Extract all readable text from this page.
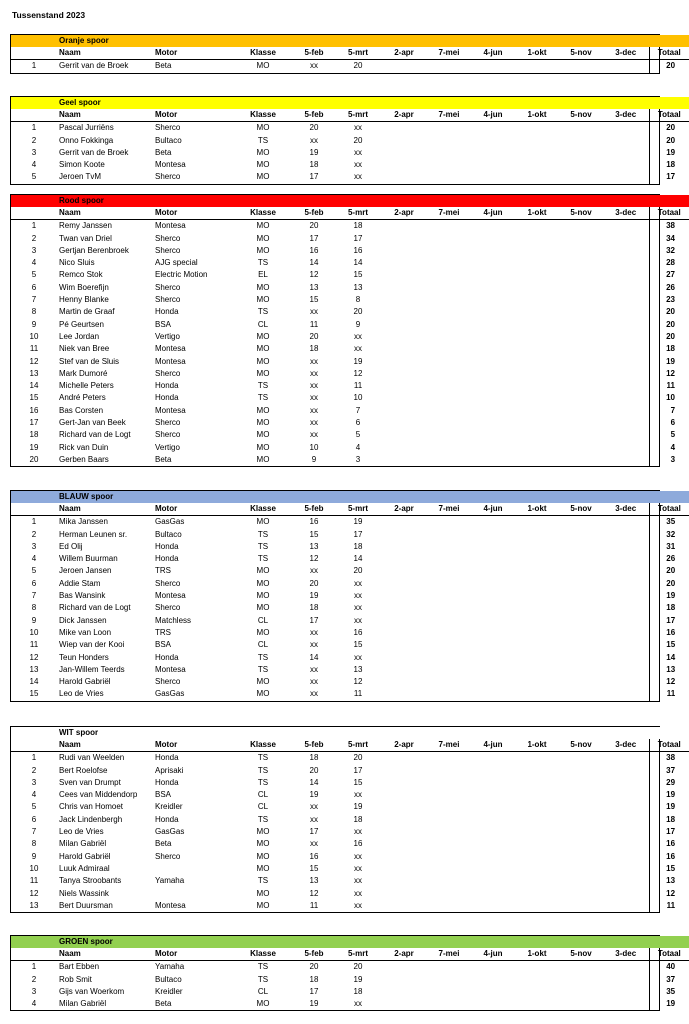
Tussenstand 2023
	Oranje spoor											
	Naam	Motor	Klasse	5-feb	5-mrt	2-apr	7-mei	4-jun	1-okt	5-nov	3-dec	Totaal
1	Gerrit van de Broek	Beta	MO	xx	20							20
	Geel spoor											
	Naam	Motor	Klasse	5-feb	5-mrt	2-apr	7-mei	4-jun	1-okt	5-nov	3-dec	Totaal
1	Pascal Jurriëns	Sherco	MO	20	xx							20
2	Onno Fokkinga	Bultaco	TS	xx	20							20
3	Gerrit van de Broek	Beta	MO	19	xx							19
4	Simon Koote	Montesa	MO	18	xx							18
5	Jeroen TvM	Sherco	MO	17	xx							17
	Rood spoor											
	Naam	Motor	Klasse	5-feb	5-mrt	2-apr	7-mei	4-jun	1-okt	5-nov	3-dec	Totaal
1	Remy Janssen	Montesa	MO	20	18							38
2	Twan van Driel	Sherco	MO	17	17							34
3	Gertjan Berenbroek	Sherco	MO	16	16							32
4	Nico Sluis	AJG special	TS	14	14							28
5	Remco Stok	Electric Motion	EL	12	15							27
6	Wim Boerefijn	Sherco	MO	13	13							26
7	Henny Blanke	Sherco	MO	15	8							23
8	Martin de Graaf	Honda	TS	xx	20							20
9	Pé Geurtsen	BSA	CL	11	9							20
10	Lee Jordan	Vertigo	MO	20	xx							20
11	Niek van Bree	Montesa	MO	18	xx							18
12	Stef van de Sluis	Montesa	MO	xx	19							19
13	Mark Dumoré	Sherco	MO	xx	12							12
14	Michelle Peters	Honda	TS	xx	11							11
15	André Peters	Honda	TS	xx	10							10
16	Bas Corsten	Montesa	MO	xx	7							7
17	Gert-Jan van Beek	Sherco	MO	xx	6							6
18	Richard van de Logt	Sherco	MO	xx	5							5
19	Rick van Duin	Vertigo	MO	10	4							4
20	Gerben Baars	Beta	MO	9	3							3
	BLAUW spoor											
	Naam	Motor	Klasse	5-feb	5-mrt	2-apr	7-mei	4-jun	1-okt	5-nov	3-dec	Totaal
1	Mika Janssen	GasGas	MO	16	19							35
2	Herman Leunen sr.	Bultaco	TS	15	17							32
3	Ed Olij	Honda	TS	13	18							31
4	Willem Buurman	Honda	TS	12	14							26
5	Jeroen Jansen	TRS	MO	xx	20							20
6	Addie Stam	Sherco	MO	20	xx							20
7	Bas Wansink	Montesa	MO	19	xx							19
8	Richard van de Logt	Sherco	MO	18	xx							18
9	Dick Janssen	Matchless	CL	17	xx							17
10	Mike van Loon	TRS	MO	xx	16							16
11	Wiep van der Kooi	BSA	CL	xx	15							15
12	Teun Honders	Honda	TS	14	xx							14
13	Jan-Willem Teerds	Montesa	TS	xx	13							13
14	Harold Gabriël	Sherco	MO	xx	12							12
15	Leo de Vries	GasGas	MO	xx	11							11
	WIT spoor											
	Naam	Motor	Klasse	5-feb	5-mrt	2-apr	7-mei	4-jun	1-okt	5-nov	3-dec	Totaal
1	Rudi van Weelden	Honda	TS	18	20							38
2	Bert Roelofse	Aprisaki	TS	20	17							37
3	Sven van Drumpt	Honda	TS	14	15							29
4	Cees van Middendorp	BSA	CL	19	xx							19
5	Chris van Homoet	Kreidler	CL	xx	19							19
6	Jack Lindenbergh	Honda	TS	xx	18							18
7	Leo de Vries	GasGas	MO	17	xx							17
8	Milan Gabriël	Beta	MO	xx	16							16
9	Harold Gabriël	Sherco	MO	16	xx							16
10	Luuk Admiraal		MO	15	xx							15
11	Tanya Stroobants	Yamaha	TS	13	xx							13
12	Niels Wassink		MO	12	xx							12
13	Bert Duursman	Montesa	MO	11	xx							11
	GROEN spoor											
	Naam	Motor	Klasse	5-feb	5-mrt	2-apr	7-mei	4-jun	1-okt	5-nov	3-dec	Totaal
1	Bart Ebben	Yamaha	TS	20	20							40
2	Rob Smit	Bultaco	TS	18	19							37
3	Gijs van Woerkom	Kreidler	CL	17	18							35
4	Milan Gabriël	Beta	MO	19	xx							19
